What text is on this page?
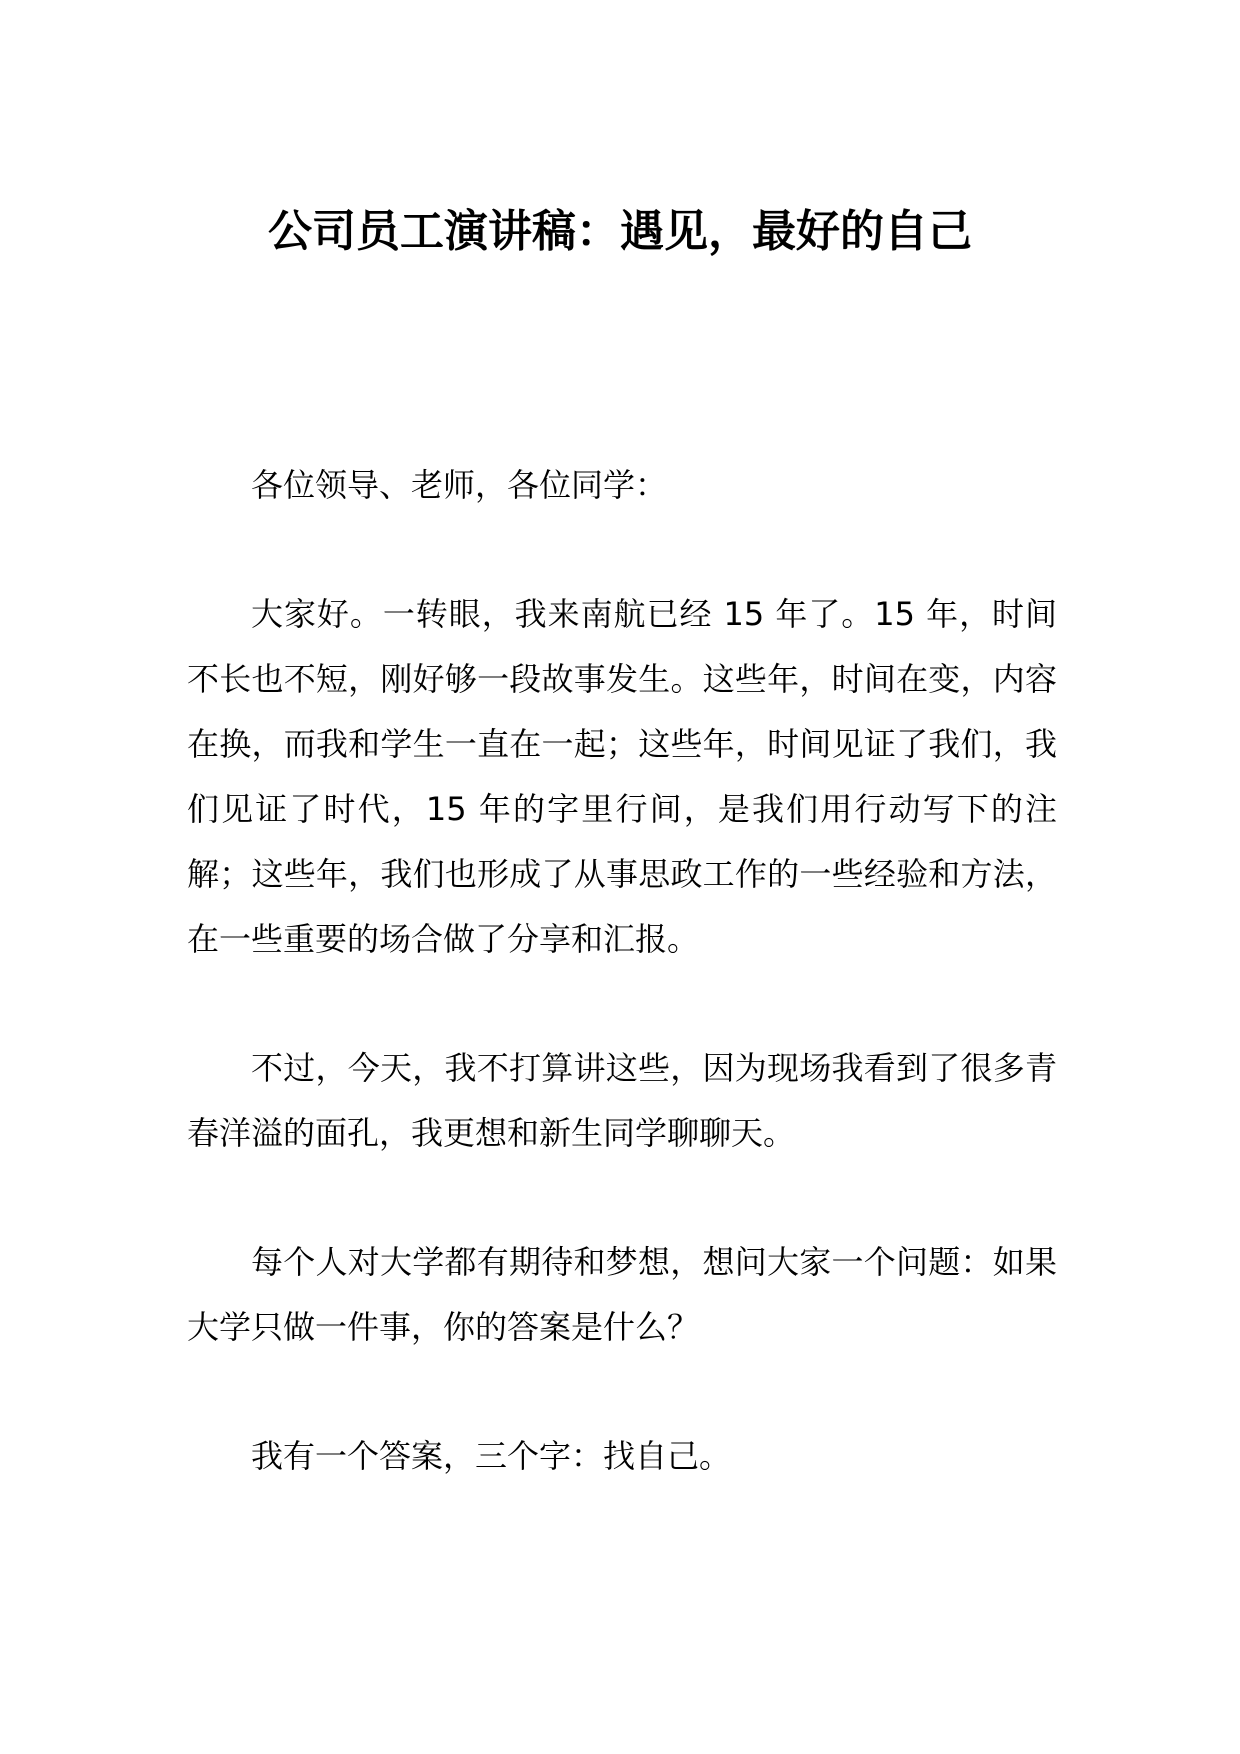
公司员工演讲稿：遇见，最好的自己

各位领导、老师，各位同学：

大家好。一转眼，我来南航已经 15 年了。15 年，时间不长也不短，刚好够一段故事发生。这些年，时间在变，内容在换，而我和学生一直在一起；这些年，时间见证了我们，我们见证了时代，15 年的字里行间，是我们用行动写下的注解；这些年，我们也形成了从事思政工作的一些经验和方法，在一些重要的场合做了分享和汇报。

不过，今天，我不打算讲这些，因为现场我看到了很多青春洋溢的面孔，我更想和新生同学聊聊天。

每个人对大学都有期待和梦想，想问大家一个问题：如果大学只做一件事，你的答案是什么？

我有一个答案，三个字：找自己。
